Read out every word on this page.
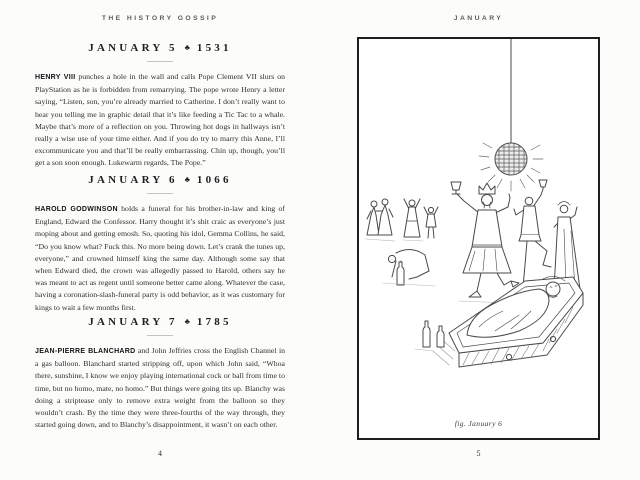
THE HISTORY GOSSIP
JANUARY 5 ♣ 1531

HENRY VIII punches a hole in the wall and calls Pope Clement VII slurs on PlayStation as he is forbidden from remarrying. The pope wrote Henry a letter saying, “Listen, son, you’re already married to Catherine. I don’t really want to hear you telling me in graphic detail that it’s like feeding a Tic Tac to a whale. Maybe that’s more of a reflection on you. Throwing hot dogs in hallways isn’t really a wise use of your time either. And if you do try to marry this Anne, I’ll excommunicate you and that’ll be really embarrassing. Chin up, though, you’ll get a son soon enough. Lukewarm regards, The Pope.”

JANUARY 6 ♣ 1066

HAROLD GODWINSON holds a funeral for his brother-in-law and king of England, Edward the Confessor. Harry thought it’s shit craic as everyone’s just moping about and getting emosh. So, quoting his idol, Gemma Collins, he said, “Do you know what? Fuck this. No more being down. Let’s crank the tunes up, everyone,” and crowned himself king the same day. Although some say that when Edward died, the crown was allegedly passed to Harold, others say he was meant to act as regent until someone better came along. Whatever the case, having a coronation-slash-funeral party is odd behavior, as it was customary for kings to wait a few months first.

JANUARY 7 ♣ 1785

JEAN-PIERRE BLANCHARD and John Jeffries cross the English Channel in a gas balloon. Blanchard started stripping off, upon which John said, “Whoa there, sunshine, I know we enjoy playing international cock or ball from time to time, but no homo, mate, no homo.” But things were going tits up. Blanchy was doing a striptease only to remove extra weight from the balloon so they wouldn’t crash. By the time they were three-fourths of the way through, they started going down, and to Blanchy’s disappointment, it wasn’t on each other.

4
JANUARY
fig. January 6
5
